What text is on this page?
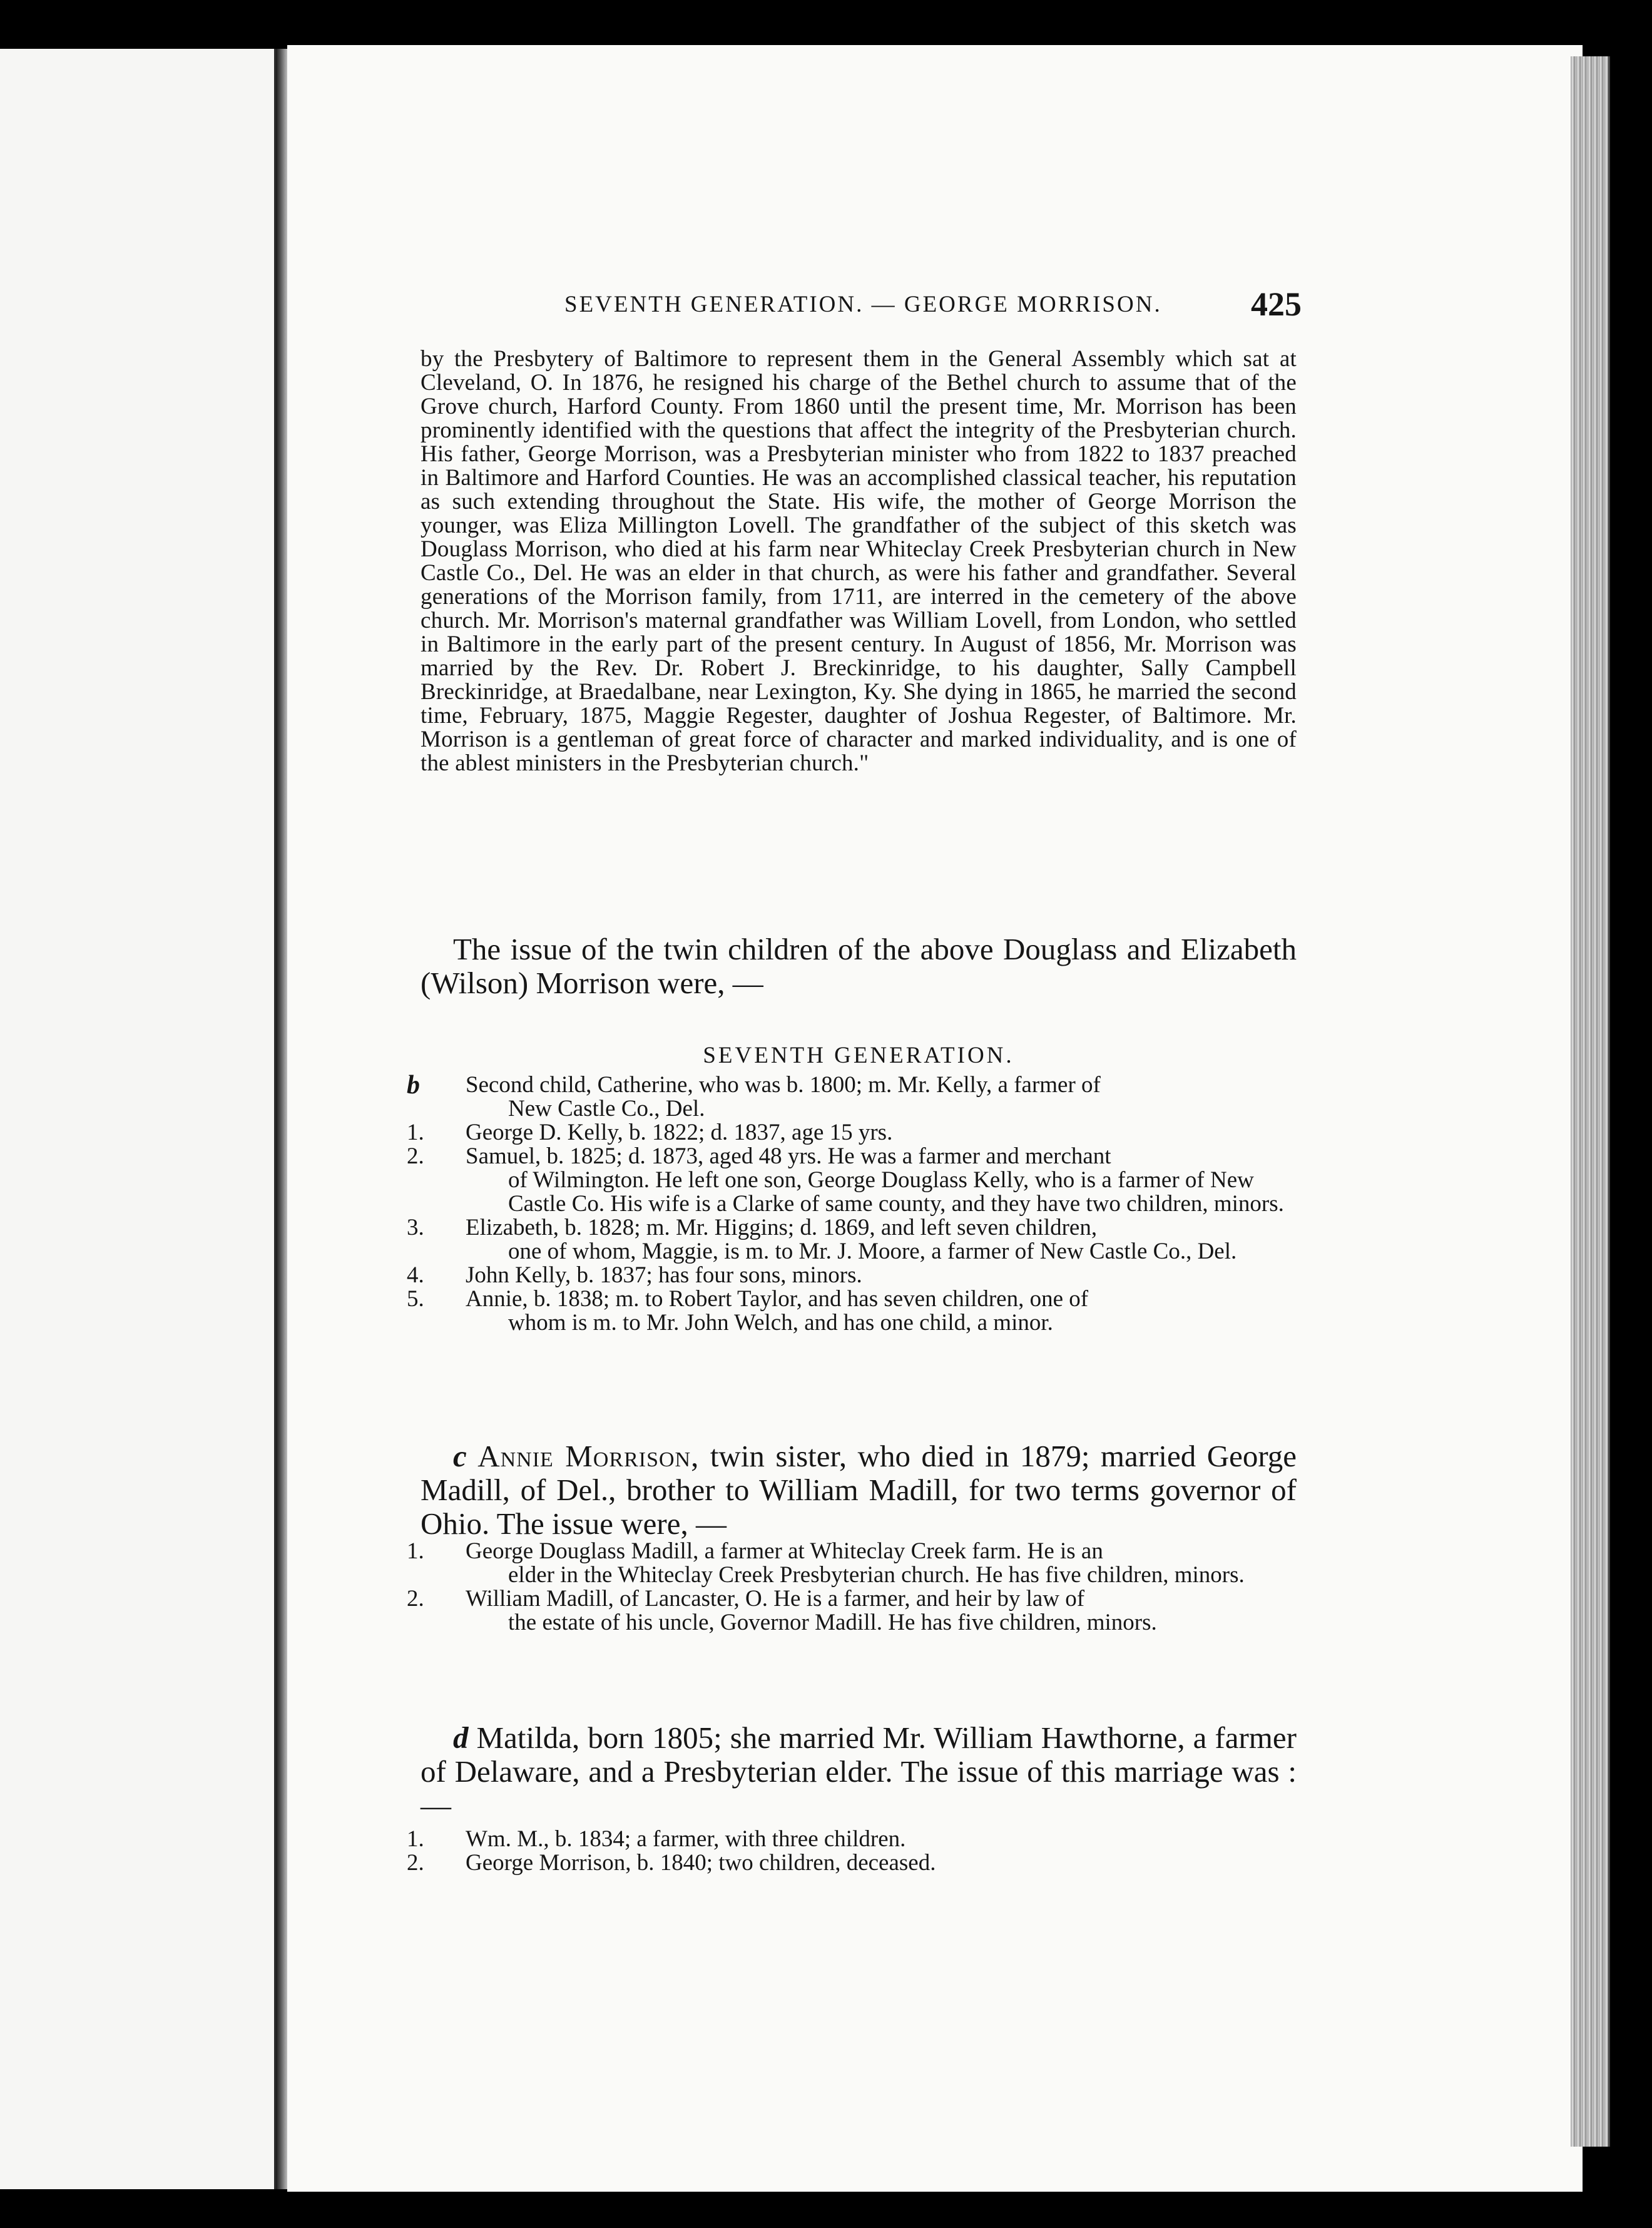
SEVENTH GENERATION. — GEORGE MORRISON.	425

by the Presbytery of Baltimore to represent them in the General Assembly which sat at Cleveland, O. In 1876, he resigned his charge of the Bethel church to assume that of the Grove church, Harford County. From 1860 until the present time, Mr. Morrison has been prominently identified with the questions that affect the integrity of the Presbyterian church. His father, George Morrison, was a Presbyterian minister who from 1822 to 1837 preached in Baltimore and Harford Counties. He was an accomplished classical teacher, his reputation as such extending throughout the State. His wife, the mother of George Morrison the younger, was Eliza Millington Lovell. The grandfather of the subject of this sketch was Douglass Morrison, who died at his farm near Whiteclay Creek Presbyterian church in New Castle Co., Del. He was an elder in that church, as were his father and grandfather. Several generations of the Morrison family, from 1711, are interred in the cemetery of the above church. Mr. Morrison's maternal grandfather was William Lovell, from London, who settled in Baltimore in the early part of the present century. In August of 1856, Mr. Morrison was married by the Rev. Dr. Robert J. Breckinridge, to his daughter, Sally Campbell Breckinridge, at Braedalbane, near Lexington, Ky. She dying in 1865, he married the second time, February, 1875, Maggie Regester, daughter of Joshua Regester, of Baltimore. Mr. Morrison is a gentleman of great force of character and marked individuality, and is one of the ablest ministers in the Presbyterian church."

The issue of the twin children of the above Douglass and Elizabeth (Wilson) Morrison were, —

SEVENTH GENERATION.
b	Second child, Catherine, who was b. 1800; m. Mr. Kelly, a farmer of
New Castle Co., Del.
1.	George D. Kelly, b. 1822; d. 1837, age 15 yrs.
2.	Samuel, b. 1825; d. 1873, aged 48 yrs. He was a farmer and merchant
of Wilmington. He left one son, George Douglass Kelly, who is a farmer of New Castle Co. His wife is a Clarke of same county, and they have two children, minors.
3.	Elizabeth, b. 1828; m. Mr. Higgins; d. 1869, and left seven children,
one of whom, Maggie, is m. to Mr. J. Moore, a farmer of New Castle Co., Del.
4.	John Kelly, b. 1837; has four sons, minors.
5.	Annie, b. 1838; m. to Robert Taylor, and has seven children, one of
whom is m. to Mr. John Welch, and has one child, a minor.

c Annie Morrison, twin sister, who died in 1879; married George Madill, of Del., brother to William Madill, for two terms governor of Ohio. The issue were, —

1.	George Douglass Madill, a farmer at Whiteclay Creek farm. He is an
elder in the Whiteclay Creek Presbyterian church. He has five children, minors.
2.	William Madill, of Lancaster, O. He is a farmer, and heir by law of
the estate of his uncle, Governor Madill. He has five children, minors.

d Matilda, born 1805; she married Mr. William Hawthorne, a farmer of Delaware, and a Presbyterian elder. The issue of this marriage was : —

1.	Wm. M., b. 1834; a farmer, with three children.
2.	George Morrison, b. 1840; two children, deceased.
